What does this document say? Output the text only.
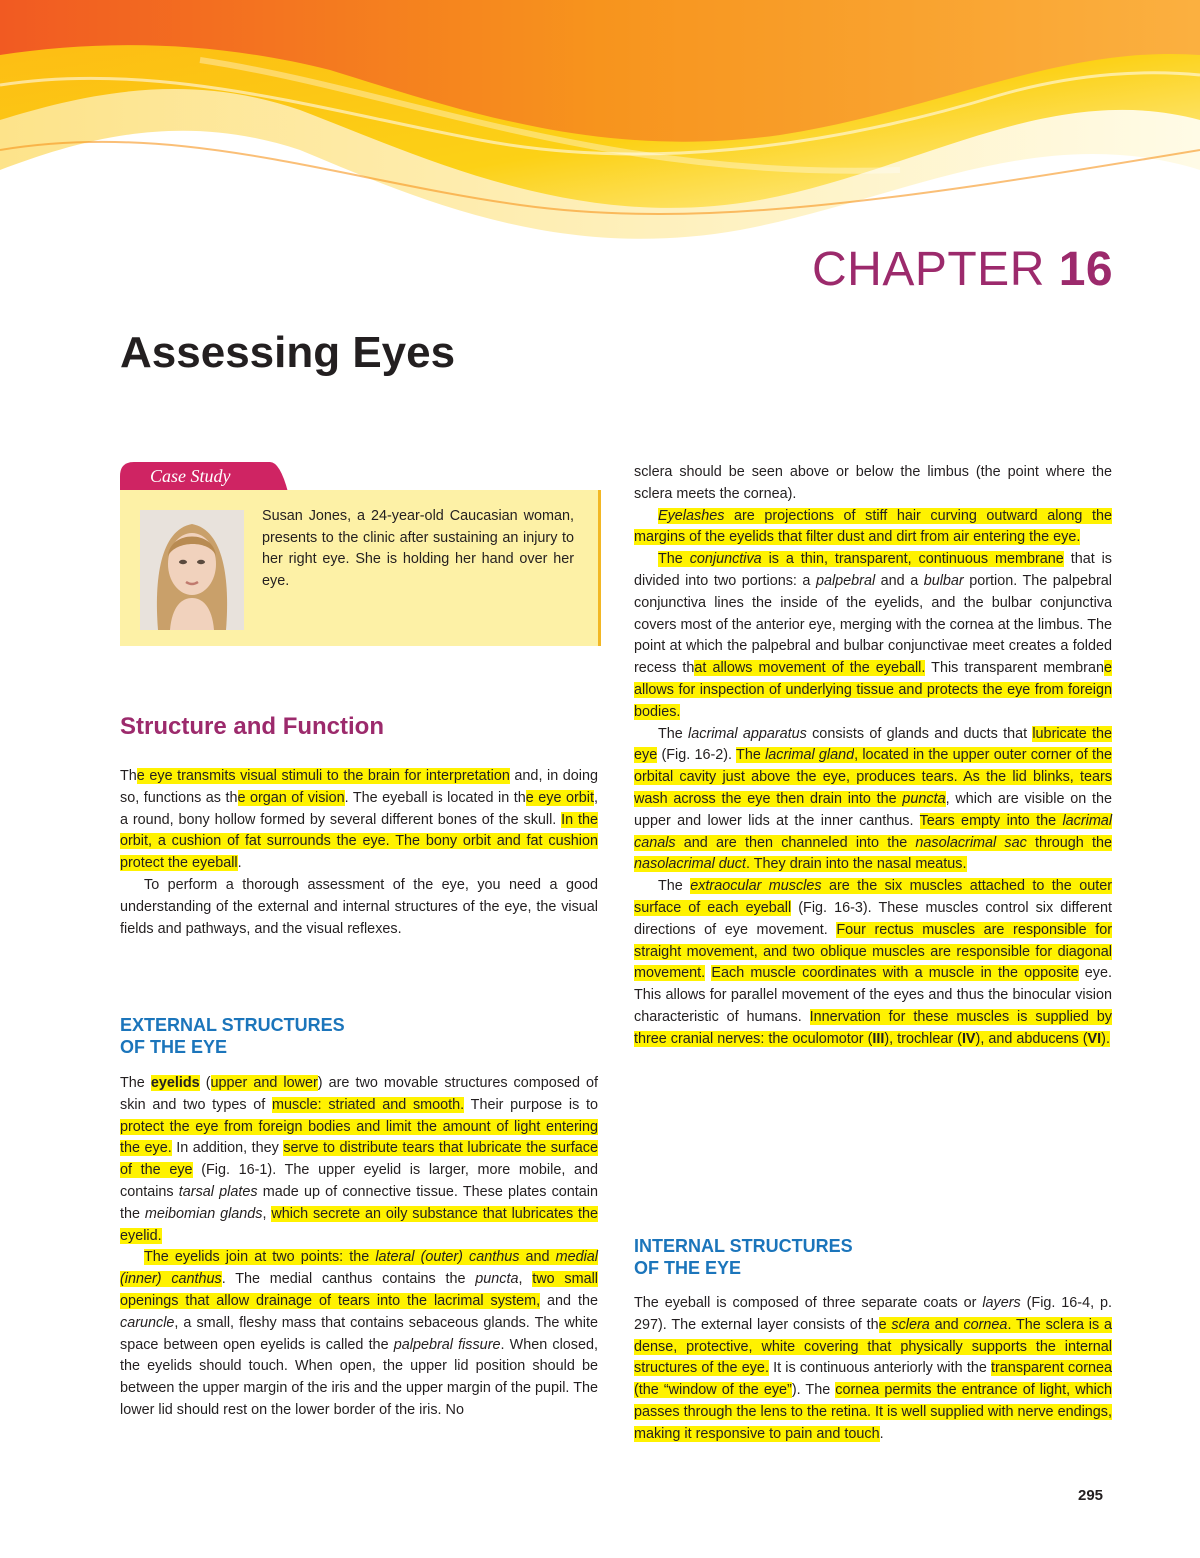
CHAPTER 16
Assessing Eyes
Case Study
Susan Jones, a 24-year-old Caucasian woman, presents to the clinic after sustaining an injury to her right eye. She is holding her hand over her eye.
Structure and Function
EXTERNAL STRUCTURES
OF THE EYE
INTERNAL STRUCTURES
OF THE EYE

The eye transmits visual stimuli to the brain for interpretation and, in doing so, functions as the organ of vision. The eyeball is located in the eye orbit, a round, bony hollow formed by several different bones of the skull. In the orbit, a cushion of fat surrounds the eye. The bony orbit and fat cushion protect the eyeball.

To perform a thorough assessment of the eye, you need a good understanding of the external and internal structures of the eye, the visual fields and pathways, and the visual reflexes.

The eyelids (upper and lower) are two movable structures composed of skin and two types of muscle: striated and smooth. Their purpose is to protect the eye from foreign bodies and limit the amount of light entering the eye. In addition, they serve to distribute tears that lubricate the surface of the eye (Fig. 16-1). The upper eyelid is larger, more mobile, and contains tarsal plates made up of connective tissue. These plates contain the meibomian glands, which secrete an oily substance that lubricates the eyelid.

The eyelids join at two points: the lateral (outer) canthus and medial (inner) canthus. The medial canthus contains the puncta, two small openings that allow drainage of tears into the lacrimal system, and the caruncle, a small, fleshy mass that contains sebaceous glands. The white space between open eyelids is called the palpebral fissure. When closed, the eyelids should touch. When open, the upper lid position should be between the upper margin of the iris and the upper margin of the pupil. The lower lid should rest on the lower border of the iris. No

sclera should be seen above or below the limbus (the point where the sclera meets the cornea).

Eyelashes are projections of stiff hair curving outward along the margins of the eyelids that filter dust and dirt from air entering the eye.

The conjunctiva is a thin, transparent, continuous membrane that is divided into two portions: a palpebral and a bulbar portion. The palpebral conjunctiva lines the inside of the eyelids, and the bulbar conjunctiva covers most of the anterior eye, merging with the cornea at the limbus. The point at which the palpebral and bulbar conjunctivae meet creates a folded recess that allows movement of the eyeball. This transparent membrane allows for inspection of underlying tissue and protects the eye from foreign bodies.

The lacrimal apparatus consists of glands and ducts that lubricate the eye (Fig. 16-2). The lacrimal gland, located in the upper outer corner of the orbital cavity just above the eye, produces tears. As the lid blinks, tears wash across the eye then drain into the puncta, which are visible on the upper and lower lids at the inner canthus. Tears empty into the lacrimal canals and are then channeled into the nasolacrimal sac through the nasolacrimal duct. They drain into the nasal meatus.

The extraocular muscles are the six muscles attached to the outer surface of each eyeball (Fig. 16-3). These muscles control six different directions of eye movement. Four rectus muscles are responsible for straight movement, and two oblique muscles are responsible for diagonal movement. Each muscle coordinates with a muscle in the opposite eye. This allows for parallel movement of the eyes and thus the binocular vision characteristic of humans. Innervation for these muscles is supplied by three cranial nerves: the oculomotor (III), trochlear (IV), and abducens (VI).

The eyeball is composed of three separate coats or layers (Fig. 16-4, p. 297). The external layer consists of the sclera and cornea. The sclera is a dense, protective, white covering that physically supports the internal structures of the eye. It is continuous anteriorly with the transparent cornea (the “window of the eye”). The cornea permits the entrance of light, which passes through the lens to the retina. It is well supplied with nerve endings, making it responsive to pain and touch.

295
